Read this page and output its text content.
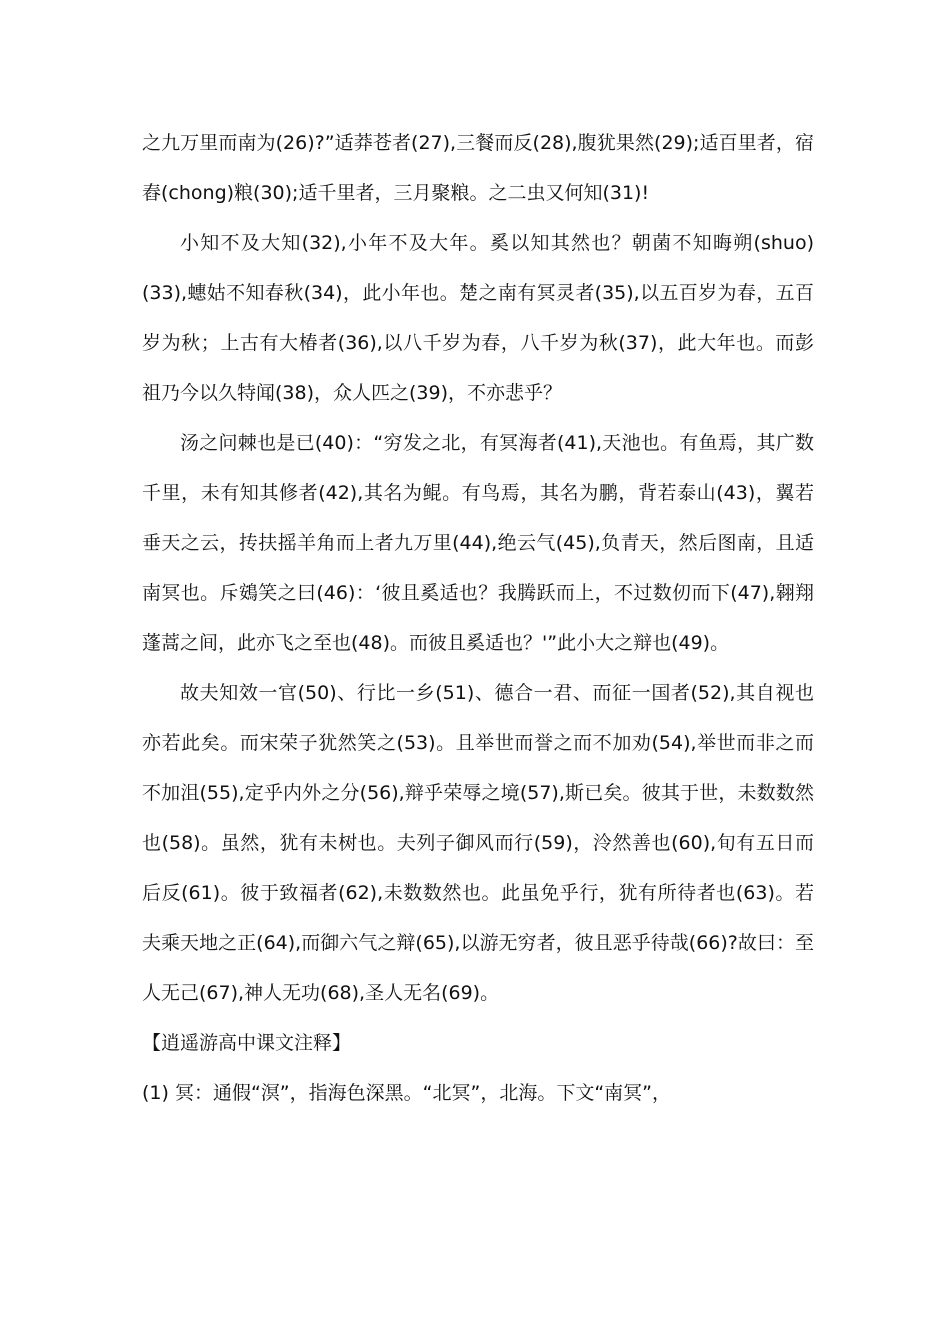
之九万里而南为(26)?”适莽苍者(27),三餐而反(28),腹犹果然(29);适百里者，宿舂(chong)粮(30);适千里者，三月聚粮。之二虫又何知(31)!

小知不及大知(32),小年不及大年。奚以知其然也？朝菌不知晦朔(shuo)(33),蟪姑不知春秋(34)，此小年也。楚之南有冥灵者(35),以五百岁为春，五百岁为秋；上古有大椿者(36),以八千岁为春，八千岁为秋(37)，此大年也。而彭祖乃今以久特闻(38)，众人匹之(39)，不亦悲乎？

汤之问棘也是已(40)：“穷发之北，有冥海者(41),天池也。有鱼焉，其广数千里，未有知其修者(42),其名为鲲。有鸟焉，其名为鹏，背若泰山(43)，翼若垂天之云，抟扶摇羊角而上者九万里(44),绝云气(45),负青天，然后图南，且适南冥也。斥鴳笑之曰(46)：‘彼且奚适也？我腾跃而上，不过数仞而下(47),翱翔蓬蒿之间，此亦飞之至也(48)。而彼且奚适也？'”此小大之辩也(49)。

故夫知效一官(50)、行比一乡(51)、德合一君、而征一国者(52),其自视也亦若此矣。而宋荣子犹然笑之(53)。且举世而誉之而不加劝(54),举世而非之而不加沮(55),定乎内外之分(56),辩乎荣辱之境(57),斯已矣。彼其于世，未数数然也(58)。虽然，犹有未树也。夫列子御风而行(59)，泠然善也(60),旬有五日而后反(61)。彼于致福者(62),未数数然也。此虽免乎行，犹有所待者也(63)。若夫乘天地之正(64),而御六气之辩(65),以游无穷者，彼且恶乎待哉(66)?故曰：至人无己(67),神人无功(68),圣人无名(69)。

【逍遥游高中课文注释】

(1) 冥：通假“溟”，指海色深黑。“北冥”，北海。下文“南冥”，
